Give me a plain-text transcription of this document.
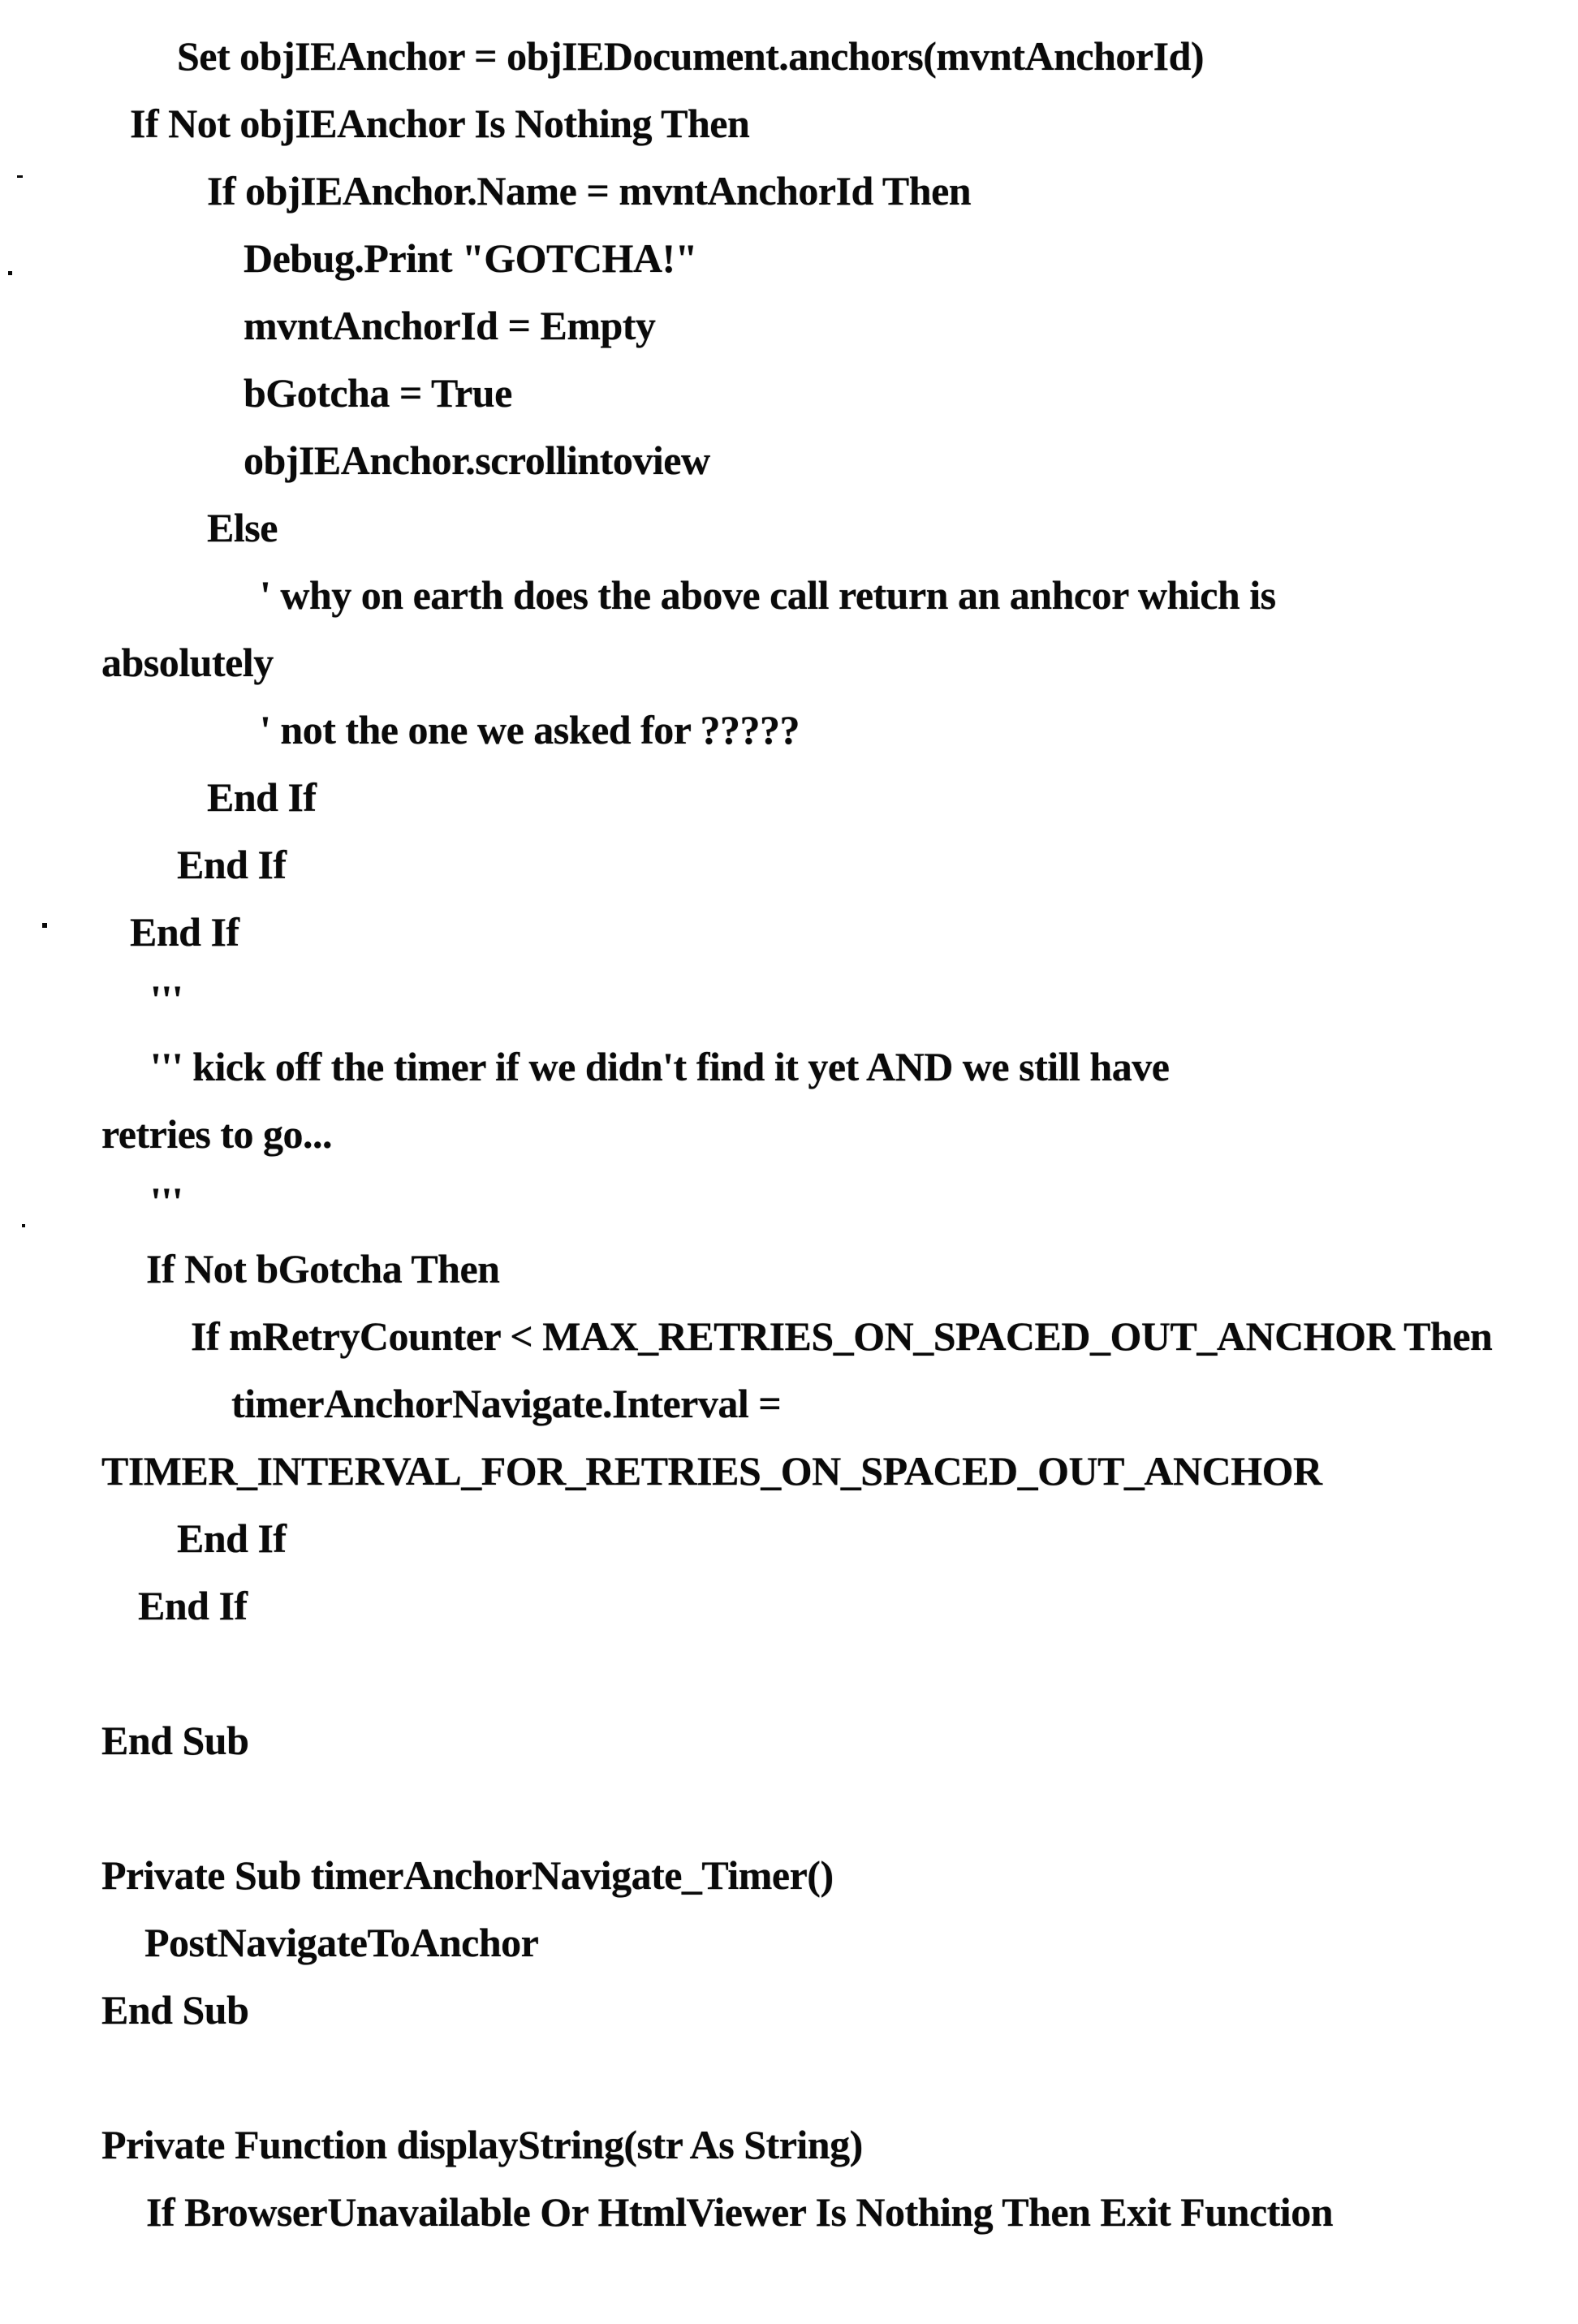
Set objIEAnchor = objIEDocument.anchors(mvntAnchorId)
If Not objIEAnchor Is Nothing Then
If objIEAnchor.Name = mvntAnchorId Then
Debug.Print "GOTCHA!"
mvntAnchorId = Empty
bGotcha = True
objIEAnchor.scrollintoview
Else
' why on earth does the above call return an anhcor which is
absolutely
' not the one we asked for ?????
End If
End If
End If
'''
''' kick off the timer if we didn't find it yet AND we still have
retries to go...
'''
If Not bGotcha Then
If mRetryCounter < MAX_RETRIES_ON_SPACED_OUT_ANCHOR Then
timerAnchorNavigate.Interval =
TIMER_INTERVAL_FOR_RETRIES_ON_SPACED_OUT_ANCHOR
End If
End If
End Sub
Private Sub timerAnchorNavigate_Timer()
PostNavigateToAnchor
End Sub
Private Function displayString(str As String)
If BrowserUnavailable Or HtmlViewer Is Nothing Then Exit Function
